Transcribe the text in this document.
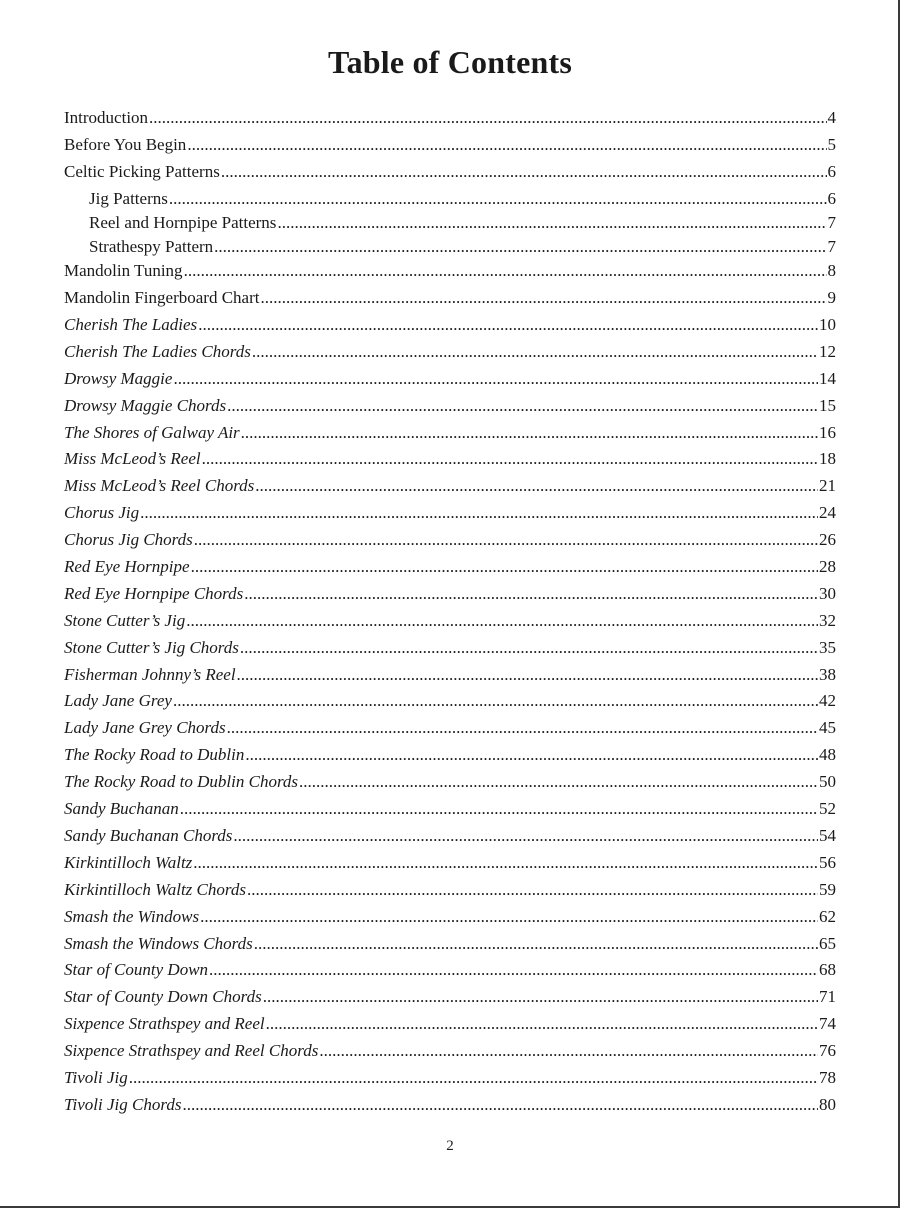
Table of Contents
Introduction .....	4
Before You Begin .....	5
Celtic Picking Patterns .....	6
Jig Patterns .....	6
Reel and Hornpipe Patterns .....	7
Strathespy Pattern .....	7
Mandolin Tuning .....	8
Mandolin Fingerboard Chart .....	9
Cherish The Ladies .....	10
Cherish The Ladies Chords .....	12
Drowsy Maggie .....	14
Drowsy Maggie Chords .....	15
The Shores of Galway Air .....	16
Miss McLeod’s Reel .....	18
Miss McLeod’s Reel Chords .....	21
Chorus Jig .....	24
Chorus Jig Chords .....	26
Red Eye Hornpipe .....	28
Red Eye Hornpipe Chords .....	30
Stone Cutter’s Jig .....	32
Stone Cutter’s Jig Chords .....	35
Fisherman Johnny’s Reel .....	38
Lady Jane Grey .....	42
Lady Jane Grey Chords .....	45
The Rocky Road to Dublin .....	48
The Rocky Road to Dublin Chords .....	50
Sandy Buchanan .....	52
Sandy Buchanan Chords .....	54
Kirkintilloch Waltz .....	56
Kirkintilloch Waltz Chords .....	59
Smash the Windows .....	62
Smash the Windows Chords .....	65
Star of County Down .....	68
Star of County Down Chords .....	71
Sixpence Strathspey and Reel .....	74
Sixpence Strathspey and Reel Chords .....	76
Tivoli Jig .....	78
Tivoli Jig Chords .....	80
2
